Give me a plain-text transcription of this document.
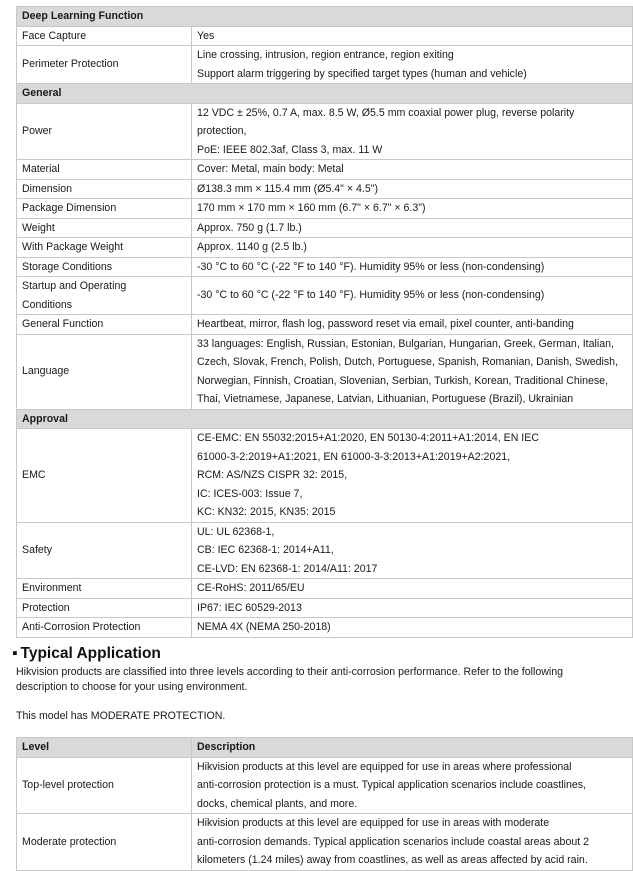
Deep Learning Function	

Face Capture	Yes

Perimeter Protection	Line crossing, intrusion, region entrance, region exiting
Support alarm triggering by specified target types (human and vehicle)

General	

Power	12 VDC ± 25%, 0.7 A, max. 8.5 W, Ø5.5 mm coaxial power plug, reverse polarity
protection,
PoE: IEEE 802.3af, Class 3, max. 11 W

Material	Cover: Metal, main body: Metal

Dimension	Ø138.3 mm × 115.4 mm (Ø5.4" × 4.5")

Package Dimension	170 mm × 170 mm × 160 mm (6.7" × 6.7" × 6.3")

Weight	Approx. 750 g (1.7 lb.)

With Package Weight	Approx. 1140 g (2.5 lb.)

Storage Conditions	-30 °C to 60 °C (-22 °F to 140 °F). Humidity 95% or less (non-condensing)

Startup and Operating
Conditions	-30 °C to 60 °C (-22 °F to 140 °F). Humidity 95% or less (non-condensing)

General Function	Heartbeat, mirror, flash log, password reset via email, pixel counter, anti-banding

Language	33 languages: English, Russian, Estonian, Bulgarian, Hungarian, Greek, German, Italian,
Czech, Slovak, French, Polish, Dutch, Portuguese, Spanish, Romanian, Danish, Swedish,
Norwegian, Finnish, Croatian, Slovenian, Serbian, Turkish, Korean, Traditional Chinese,
Thai, Vietnamese, Japanese, Latvian, Lithuanian, Portuguese (Brazil), Ukrainian

Approval	

EMC	CE-EMC: EN 55032:2015+A1:2020, EN 50130-4:2011+A1:2014, EN IEC
61000-3-2:2019+A1:2021, EN 61000-3-3:2013+A1:2019+A2:2021,
RCM: AS/NZS CISPR 32: 2015,
IC: ICES-003: Issue 7,
KC: KN32: 2015, KN35: 2015

Safety	UL: UL 62368-1,
CB: IEC 62368-1: 2014+A11,
CE-LVD: EN 62368-1: 2014/A11: 2017

Environment	CE-RoHS: 2011/65/EU

Protection	IP67: IEC 60529-2013

Anti-Corrosion Protection	NEMA 4X (NEMA 250-2018)
▪ Typical Application

Hikvision products are classified into three levels according to their anti-corrosion performance. Refer to the following
description to choose for your using environment.

This model has MODERATE PROTECTION.

Level	Description
Top-level protection	Hikvision products at this level are equipped for use in areas where professional
anti-corrosion protection is a must. Typical application scenarios include coastlines,
docks, chemical plants, and more.

Moderate protection	Hikvision products at this level are equipped for use in areas with moderate
anti-corrosion demands. Typical application scenarios include coastal areas about 2
kilometers (1.24 miles) away from coastlines, as well as areas affected by acid rain.
